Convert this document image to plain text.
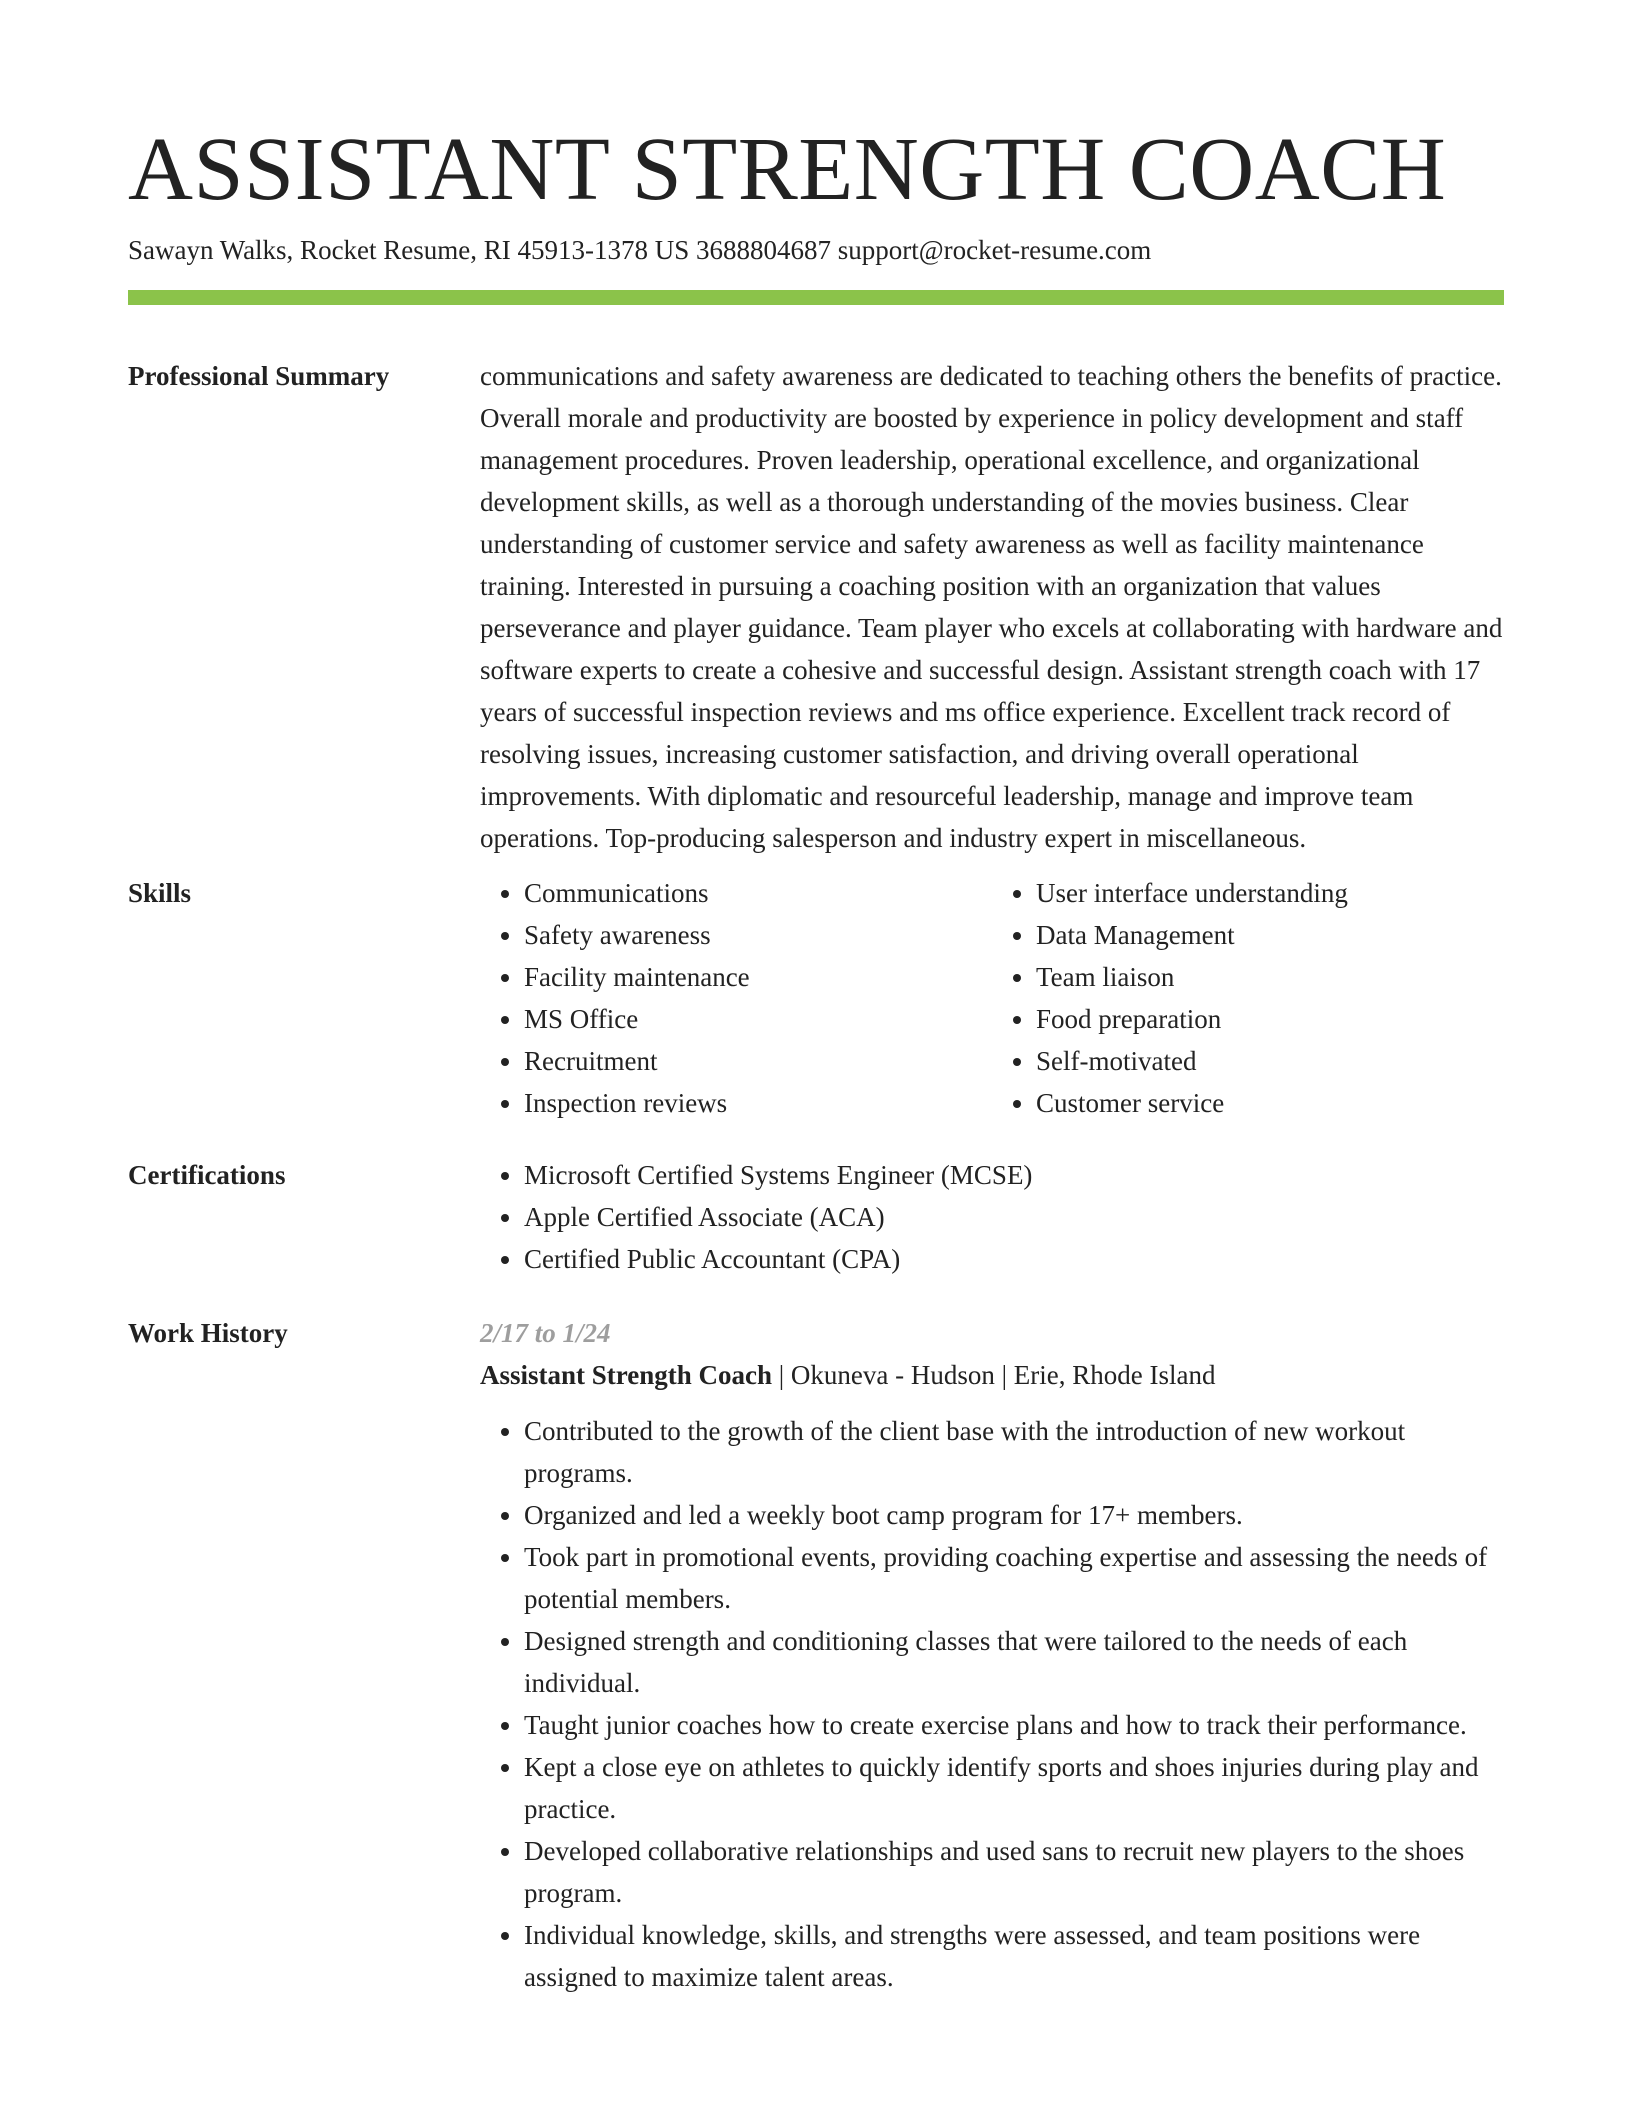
ASSISTANT STRENGTH COACH
Sawayn Walks, Rocket Resume, RI 45913-1378 US 3688804687 support@rocket-resume.com
Professional Summary	communications and safety awareness are dedicated to teaching others the benefits of practice. Overall morale and productivity are boosted by experience in policy development and staff management procedures. Proven leadership, operational excellence, and organizational development skills, as well as a thorough understanding of the movies business. Clear understanding of customer service and safety awareness as well as facility maintenance training. Interested in pursuing a coaching position with an organization that values perseverance and player guidance. Team player who excels at collaborating with hardware and software experts to create a cohesive and successful design. Assistant strength coach with 17 years of successful inspection reviews and ms office experience. Excellent track record of resolving issues, increasing customer satisfaction, and driving overall operational improvements. With diplomatic and resourceful leadership, manage and improve team operations. Top-producing salesperson and industry expert in miscellaneous.

Skills	• Communications
• Safety awareness
• Facility maintenance
• MS Office
• Recruitment
• Inspection reviews
• User interface understanding
• Data Management
• Team liaison
• Food preparation
• Self-motivated
• Customer service
Certifications	• Microsoft Certified Systems Engineer (MCSE)
• Apple Certified Associate (ACA)
• Certified Public Accountant (CPA)
Work History	2/17 to 1/24
Assistant Strength Coach | Okuneva - Hudson | Erie, Rhode Island
• Contributed to the growth of the client base with the introduction of new workout programs.
• Organized and led a weekly boot camp program for 17+ members.
• Took part in promotional events, providing coaching expertise and assessing the needs of potential members.
• Designed strength and conditioning classes that were tailored to the needs of each individual.
• Taught junior coaches how to create exercise plans and how to track their performance.
• Kept a close eye on athletes to quickly identify sports and shoes injuries during play and practice.
• Developed collaborative relationships and used sans to recruit new players to the shoes program.
• Individual knowledge, skills, and strengths were assessed, and team positions were assigned to maximize talent areas.
